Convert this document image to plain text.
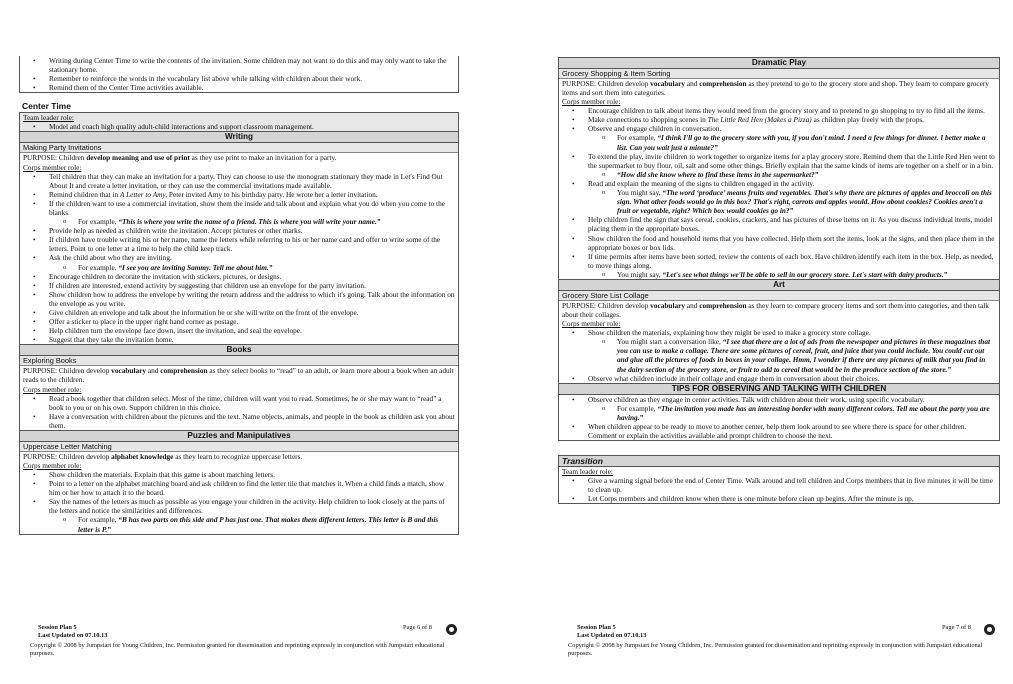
• Writing during Center Time to write the contents of the invitation. Some children may not want to do this and may only want to take the stationary home.
• Remember to reinforce the words in the vocabulary list above while talking with children about their work.
• Remind them of the Center Time activities available.
Center Time
Team leader role:
• Model and coach high quality adult-child interactions and support classroom management.
Writing
Making Party Invitations
PURPOSE: Children develop meaning and use of print as they use print to make an invitation for a party.
Corps member role:
• Tell children that they can make an invitation for a party. They can choose to use the monogram stationary they made in Let's Find Out About It and create a letter invitation, or they can use the commercial invitations made available.
• Remind children that in A Letter to Amy, Peter invited Amy to his birthday party. He wrote her a letter invitation.
• If the children want to use a commercial invitation, show them the inside and talk about and explain what you do when you come to the blanks.
o For example, “This is where you write the name of a friend. This is where you will write your name.”
• Provide help as needed as children write the invitation. Accept pictures or other marks.
• If children have trouble writing his or her name, name the letters while referring to his or her name card and offer to write some of the letters. Point to one letter at a time to help the child keep track.
• Ask the child about who they are inviting.
o For example, “I see you are inviting Sammy. Tell me about him.”
• Encourage children to decorate the invitation with stickers, pictures, or designs.
• If children are interested, extend activity by suggesting that children use an envelope for the party invitation.
• Show children how to address the envelope by writing the return address and the address to which it's going. Talk about the information on the envelope as you write.
• Give children an envelope and talk about the information he or she will write on the front of the envelope.
• Offer a sticker to place in the upper right hand corner as postage.
• Help children turn the envelope face down, insert the invitation, and seal the envelope.
• Suggest that they take the invitation home.
Books
Exploring Books
PURPOSE: Children develop vocabulary and comprehension as they select books to “read” to an adult, or learn more about a book when an adult reads to the children.
Corps member role:
• Read a book together that children select. Most of the time, children will want you to read. Sometimes, he or she may want to “read” a book to you or on his own. Support children in this choice.
• Have a conversation with children about the pictures and the text. Name objects, animals, and people in the book as children ask you about them.
Puzzles and Manipulatives
Uppercase Letter Matching
PURPOSE: Children develop alphabet knowledge as they learn to recognize uppercase letters.
Corps member role:
• Show children the materials. Explain that this game is about matching letters.
• Point to a letter on the alphabet matching board and ask children to find the letter tile that matches it. When a child finds a match, show him or her how to attach it to the board.
• Say the names of the letters as much as possible as you engage your children in the activity. Help children to look closely at the parts of the letters and notice the similarities and differences.
o For example, “B has two parts on this side and P has just one. That makes them different letters. This letter is B and this letter is P.”
Session Plan 5
Last Updated on 07.10.13
Page 6 of 8
Copyright © 2008 by Jumpstart for Young Children, Inc. Permission granted for dissemination and reprinting expressly in conjunction with Jumpstart educational purposes.
Dramatic Play
Grocery Shopping & Item Sorting
PURPOSE: Children develop vocabulary and comprehension as they pretend to go to the grocery store and shop. They learn to compare grocery items and sort them into categories.
Corps member role:
• Encourage children to talk about items they would need from the grocery story and to pretend to go shopping to try to find all the items.
• Make connections to shopping scenes in The Little Red Hen (Makes a Pizza) as children play freely with the props.
• Observe and engage children in conversation.
o For example, “I think I'll go to the grocery store with you, if you don't mind. I need a few things for dinner. I better make a list. Can you wait just a minute?”
• To extend the play, invite children to work together to organize items for a play grocery store. Remind them that the Little Red Hen went to the supermarket to buy flour, oil, salt and some other things. Briefly explain that the same kinds of items are together on a shelf or in a bin.
o “How did she know where to find these items in the supermarket?”
• Read and explain the meaning of the signs to children engaged in the activity.
o You might say, “The word ‘produce’ means fruits and vegetables. That's why there are pictures of apples and broccoli on this sign. What other foods would go in this box? That's right, carrots and apples would. How about cookies? Cookies aren't a fruit or vegetable, right? Which box would cookies go in?”
• Help children find the sign that says cereal, cookies, crackers, and has pictures of these items on it. As you discuss individual items, model placing them in the appropriate boxes.
• Show children the food and household items that you have collected. Help them sort the items, look at the signs, and then place them in the appropriate boxes or box lids.
• If time permits after items have been sorted, review the contents of each box. Have children identify each item in the box. Help, as needed, to move things along.
o You might say, “Let's see what things we'll be able to sell in our grocery store. Let's start with dairy products.”
Art
Grocery Store List Collage
PURPOSE: Children develop vocabulary and comprehension as they learn to compare grocery items and sort them into categories, and then talk about their collages.
Corps member role:
• Show children the materials, explaining how they might be used to make a grocery store collage.
o You might start a conversation like, “I see that there are a lot of ads from the newspaper and pictures in these magazines that you can use to make a collage. There are some pictures of cereal, fruit, and juice that you could include. You could cut out and glue all the pictures of foods in boxes in your collage. Hmm, I wonder if there are any pictures of milk that you find in the dairy section of the grocery store, or fruit to add to cereal that would be in the produce section of the store.”
• Observe what children include in their collage and engage them in conversation about their choices.
TIPS FOR OBSERVING AND TALKING WITH CHILDREN
• Observe children as they engage in center activities. Talk with children about their work, using specific vocabulary.
o For example, “The invitation you made has an interesting border with many different colors. Tell me about the party you are having.”
• When children appear to be ready to move to another center, help them look around to see where there is space for other children. Comment or explain the activities available and prompt children to choose the next.
Transition
Team leader role:
• Give a warning signal before the end of Center Time. Walk around and tell children and Corps members that in five minutes it will be time to clean up.
• Let Corps members and children know when there is one minute before clean up begins. After the minute is up,
Session Plan 5
Last Updated on 07.10.13
Page 7 of 8
Copyright © 2008 by Jumpstart for Young Children, Inc. Permission granted for dissemination and reprinting expressly in conjunction with Jumpstart educational purposes.
